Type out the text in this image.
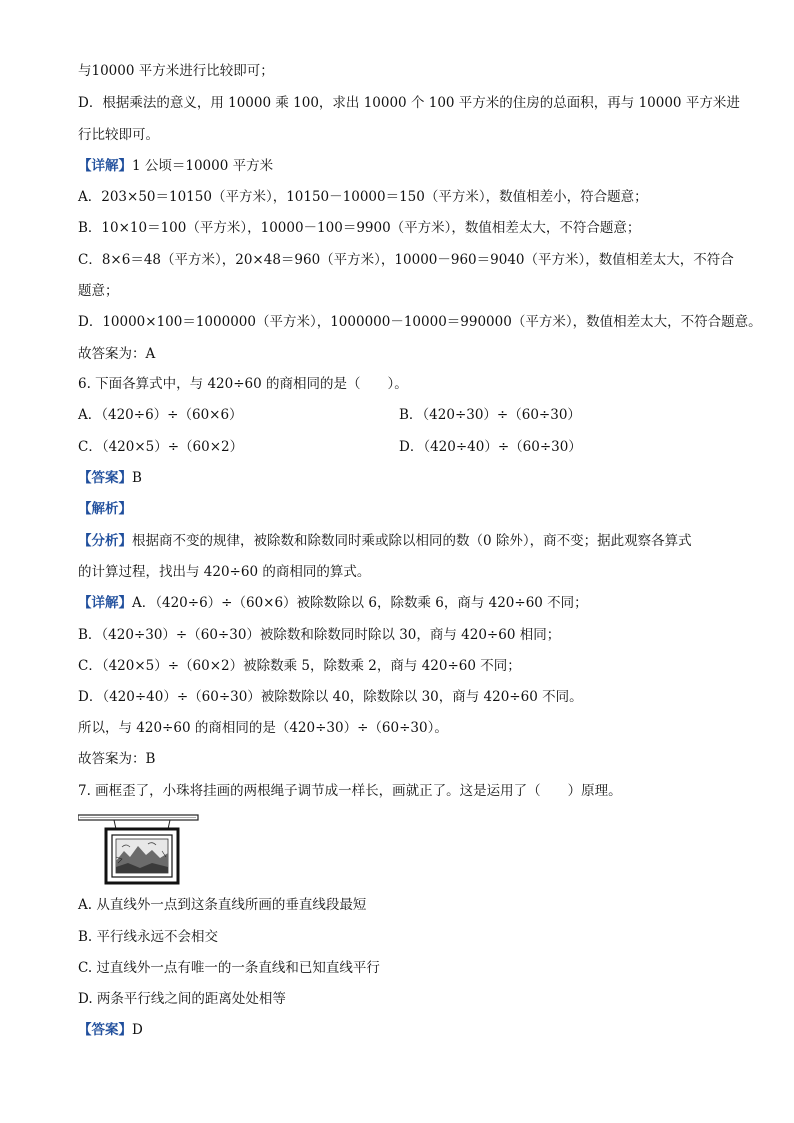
与10000 平方米进行比较即可；
D．根据乘法的意义，用 10000 乘 100，求出 10000 个 100 平方米的住房的总面积，再与 10000 平方米进
行比较即可。
【详解】1 公顷＝10000 平方米
A．203×50＝10150（平方米），10150－10000＝150（平方米），数值相差小，符合题意；
B．10×10＝100（平方米），10000－100＝9900（平方米），数值相差太大，不符合题意；
C．8×6＝48（平方米），20×48＝960（平方米），10000－960＝9040（平方米），数值相差太大，不符合
题意；
D．10000×100＝1000000（平方米），1000000－10000＝990000（平方米），数值相差太大，不符合题意。
故答案为：A
6. 下面各算式中，与 420÷60 的商相同的是（　　）。
A．（420÷6）÷（60×6）	B．（420÷30）÷（60÷30）
C．（420×5）÷（60×2）	D．（420÷40）÷（60÷30）
【答案】B
【解析】
【分析】根据商不变的规律，被除数和除数同时乘或除以相同的数（0 除外），商不变；据此观察各算式
的计算过程，找出与 420÷60 的商相同的算式。
【详解】A．（420÷6）÷（60×6）被除数除以 6，除数乘 6，商与 420÷60 不同；
B．（420÷30）÷（60÷30）被除数和除数同时除以 30，商与 420÷60 相同；
C．（420×5）÷（60×2）被除数乘 5，除数乘 2，商与 420÷60 不同；
D．（420÷40）÷（60÷30）被除数除以 40，除数除以 30，商与 420÷60 不同。
所以，与 420÷60 的商相同的是（420÷30）÷（60÷30）。
故答案为：B
7. 画框歪了，小珠将挂画的两根绳子调节成一样长，画就正了。这是运用了（　　）原理。
A. 从直线外一点到这条直线所画的垂直线段最短
B. 平行线永远不会相交
C. 过直线外一点有唯一的一条直线和已知直线平行
D. 两条平行线之间的距离处处相等
【答案】D
